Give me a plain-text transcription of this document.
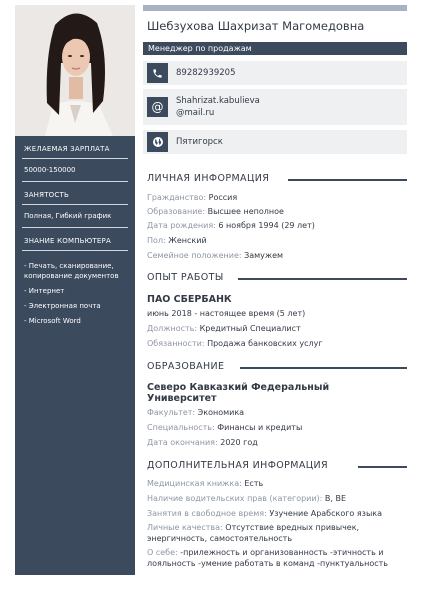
ЖЕЛАЕМАЯ ЗАРПЛАТА
50000-150000
ЗАНЯТОСТЬ
Полная, Гибкий график
ЗНАНИЕ КОМПЬЮТЕРА
- Печать, сканирование, копирование документов
- Интернет
- Электронная почта
- Microsoft Word
Шебзухова Шахризат Магомедовна
Менеджер по продажам
89282939205
@ Shahrizat.kabulieva
@mail.ru
Пятигорск
ЛИЧНАЯ ИНФОРМАЦИЯ
Гражданство: Россия
Образование: Высшее неполное
Дата рождения: 6 ноября 1994 (29 лет)
Пол: Женский
Семейное положение: Замужем
ОПЫТ РАБОТЫ
ПАО СБЕРБАНК
июнь 2018 - настоящее время (5 лет)
Должность: Кредитный Специалист
Обязанности: Продажа банковских услуг
ОБРАЗОВАНИЕ
Северо Кавказкий Федеральный Университет
Факультет: Экономика
Специальность: Финансы и кредиты
Дата окончания: 2020 год
ДОПОЛНИТЕЛЬНАЯ ИНФОРМАЦИЯ
Медицинская книжка: Есть
Наличие водительских прав (категории): B, BE
Занятия в свободное время: Узучение Арабского языка
Личные качества: Отсутствие вредных привычек, энергичность, самостоятельность
О себе: -прилежность и организованность -этичность и лояльность -умение работать в команд -пунктуальность
